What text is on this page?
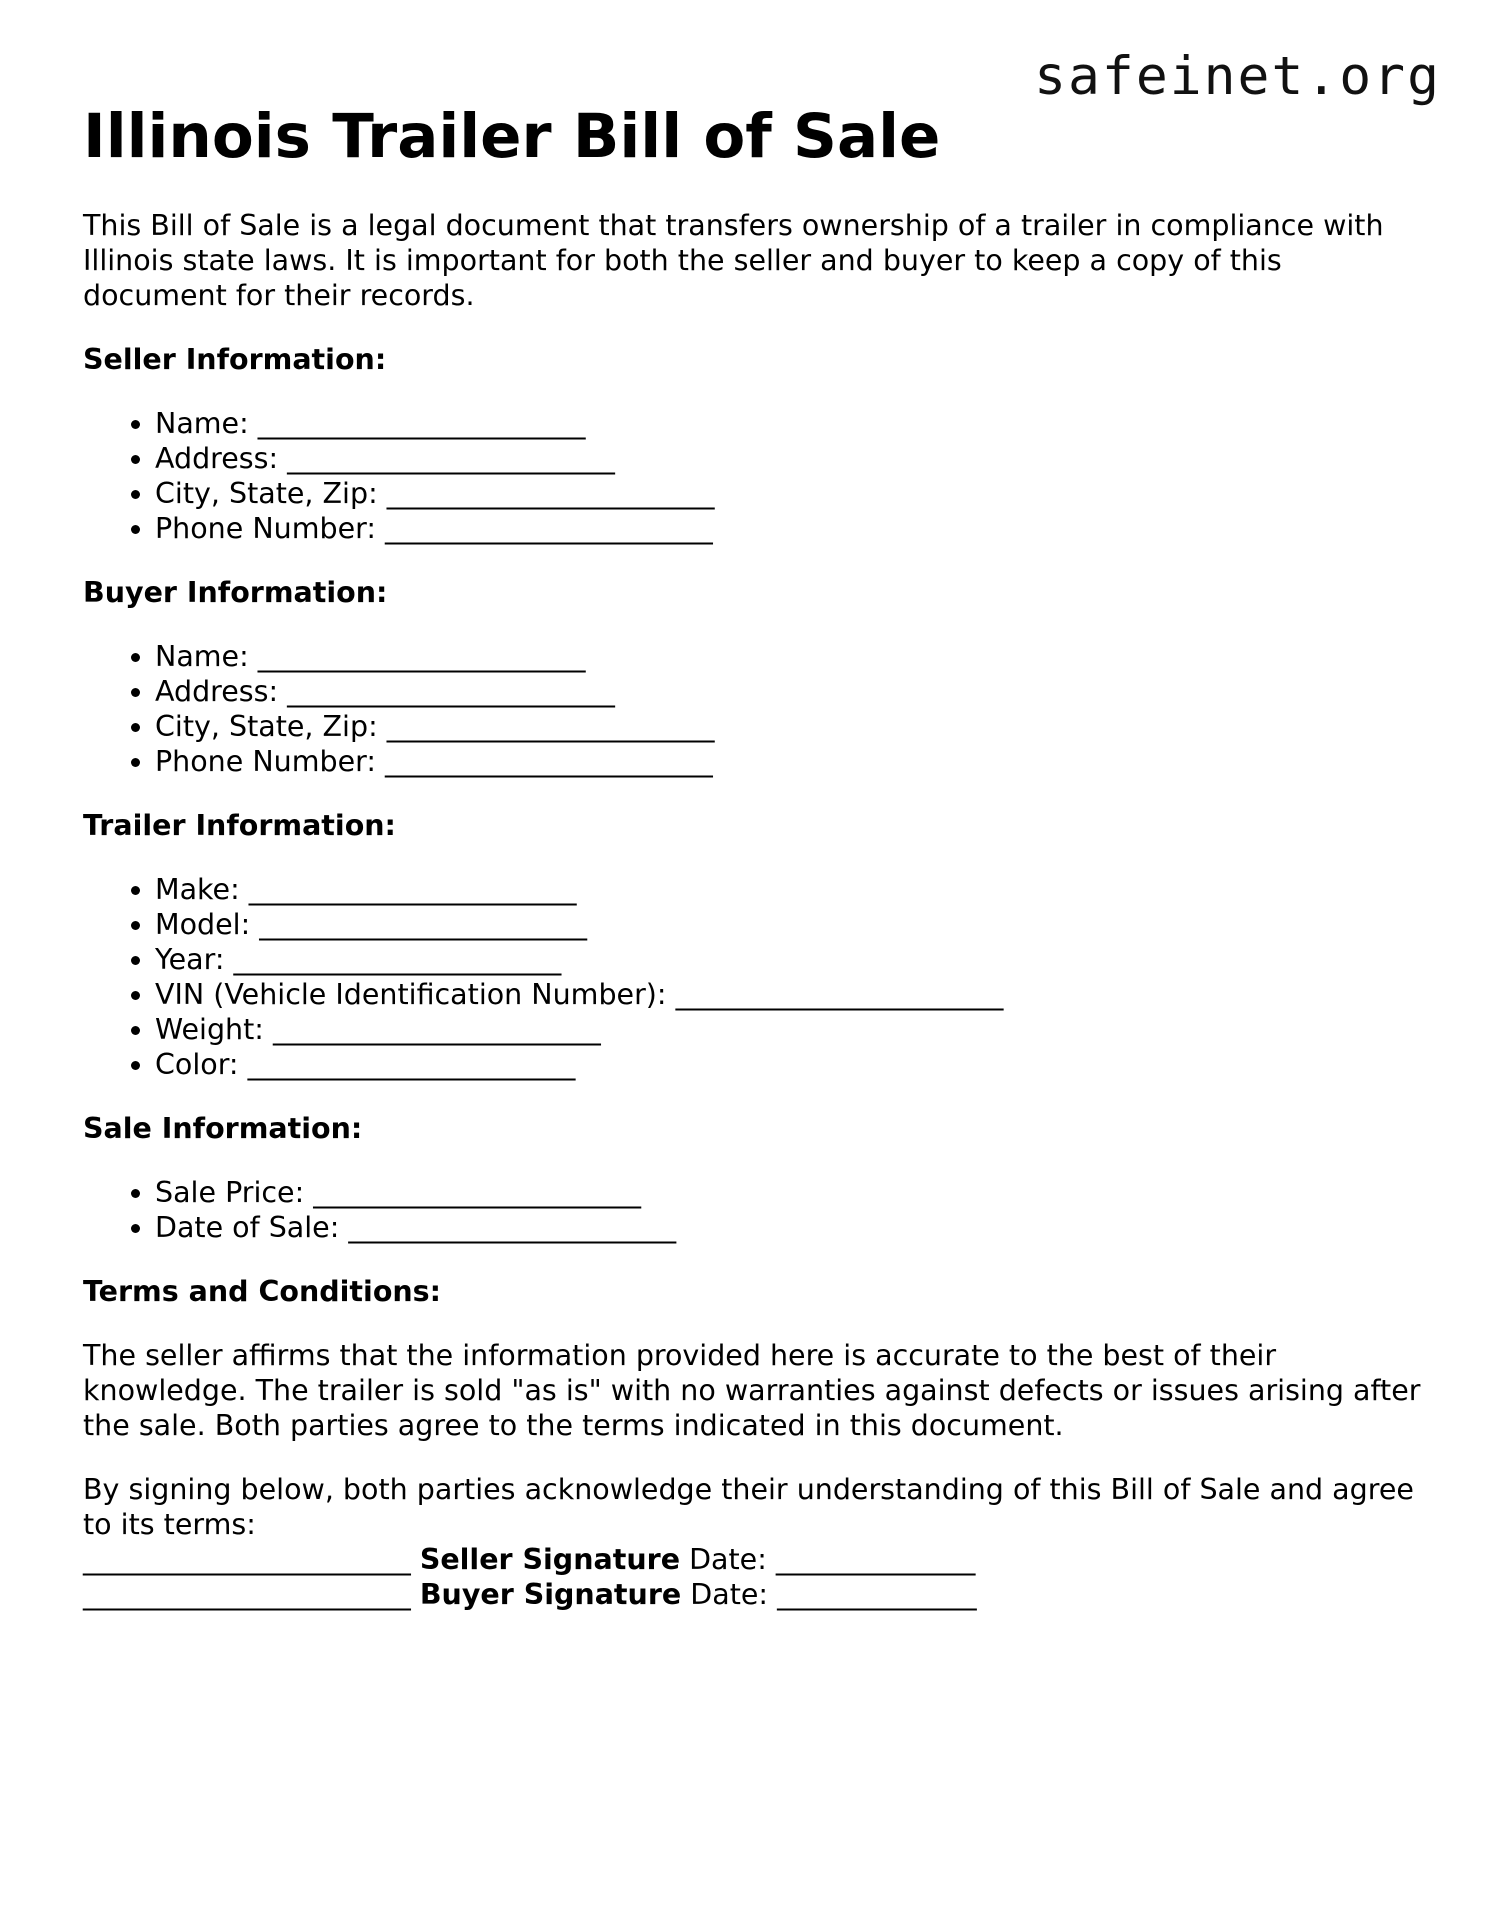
safeinet.org
Illinois Trailer Bill of Sale

This Bill of Sale is a legal document that transfers ownership of a trailer in compliance with Illinois state laws. It is important for both the seller and buyer to keep a copy of this document for their records.

Seller Information:
• Name: _______________________
• Address: _______________________
• City, State, Zip: _______________________
• Phone Number: _______________________
Buyer Information:
• Name: _______________________
• Address: _______________________
• City, State, Zip: _______________________
• Phone Number: _______________________
Trailer Information:
• Make: _______________________
• Model: _______________________
• Year: _______________________
• VIN (Vehicle Identification Number): _______________________
• Weight: _______________________
• Color: _______________________
Sale Information:
• Sale Price: _______________________
• Date of Sale: _______________________
Terms and Conditions:

The seller affirms that the information provided here is accurate to the best of their knowledge. The trailer is sold "as is" with no warranties against defects or issues arising after the sale. Both parties agree to the terms indicated in this document.

By signing below, both parties acknowledge their understanding of this Bill of Sale and agree to its terms:

_______________________ Seller Signature Date: ______________

_______________________ Buyer Signature Date: ______________
